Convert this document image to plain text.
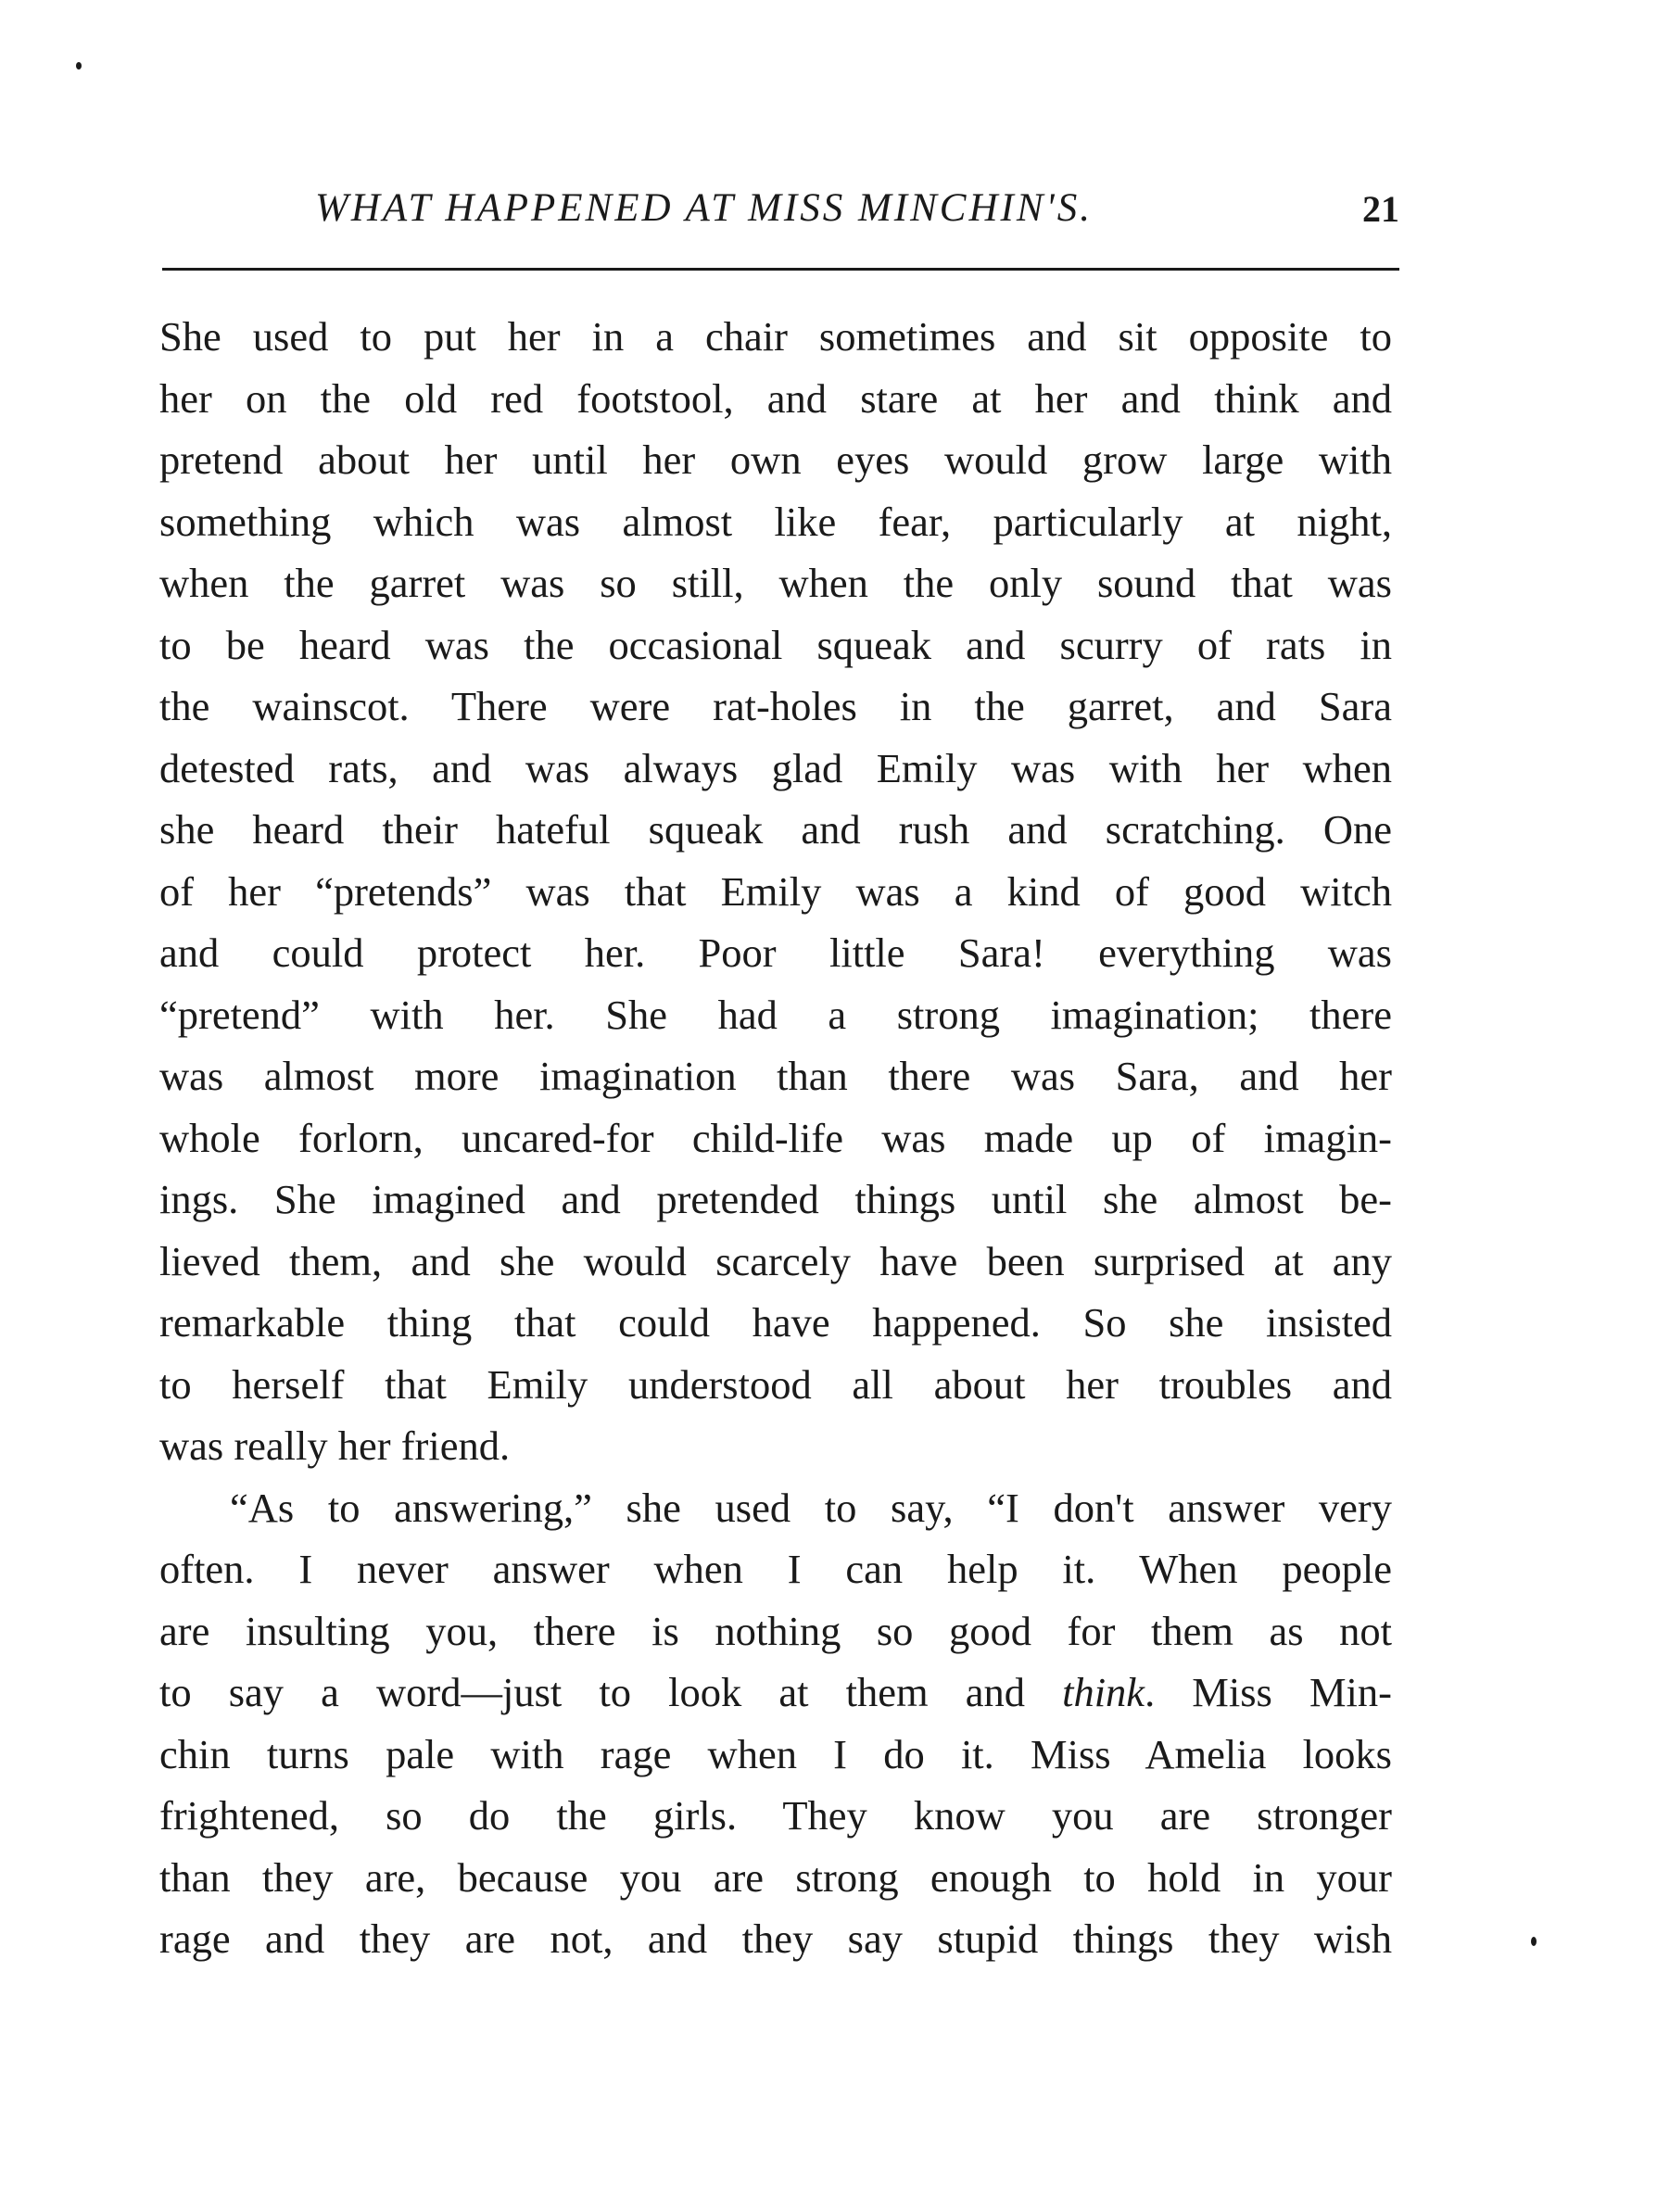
WHAT HAPPENED AT MISS MINCHIN'S.	21
She used to put her in a chair sometimes and sit opposite to
her on the old red footstool, and stare at her and think and
pretend about her until her own eyes would grow large with
something which was almost like fear, particularly at night,
when the garret was so still, when the only sound that was
to be heard was the occasional squeak and scurry of rats in
the wainscot. There were rat-holes in the garret, and Sara
detested rats, and was always glad Emily was with her when
she heard their hateful squeak and rush and scratching. One
of her “pretends” was that Emily was a kind of good witch
and could protect her. Poor little Sara! everything was
“pretend” with her. She had a strong imagination; there
was almost more imagination than there was Sara, and her
whole forlorn, uncared-for child-life was made up of imagin-
ings. She imagined and pretended things until she almost be-
lieved them, and she would scarcely have been surprised at any
remarkable thing that could have happened. So she insisted
to herself that Emily understood all about her troubles and
was really her friend.
“As to answering,” she used to say, “I don't answer very
often. I never answer when I can help it. When people
are insulting you, there is nothing so good for them as not
to say a word—just to look at them and think. Miss Min-
chin turns pale with rage when I do it. Miss Amelia looks
frightened, so do the girls. They know you are stronger
than they are, because you are strong enough to hold in your
rage and they are not, and they say stupid things they wish
